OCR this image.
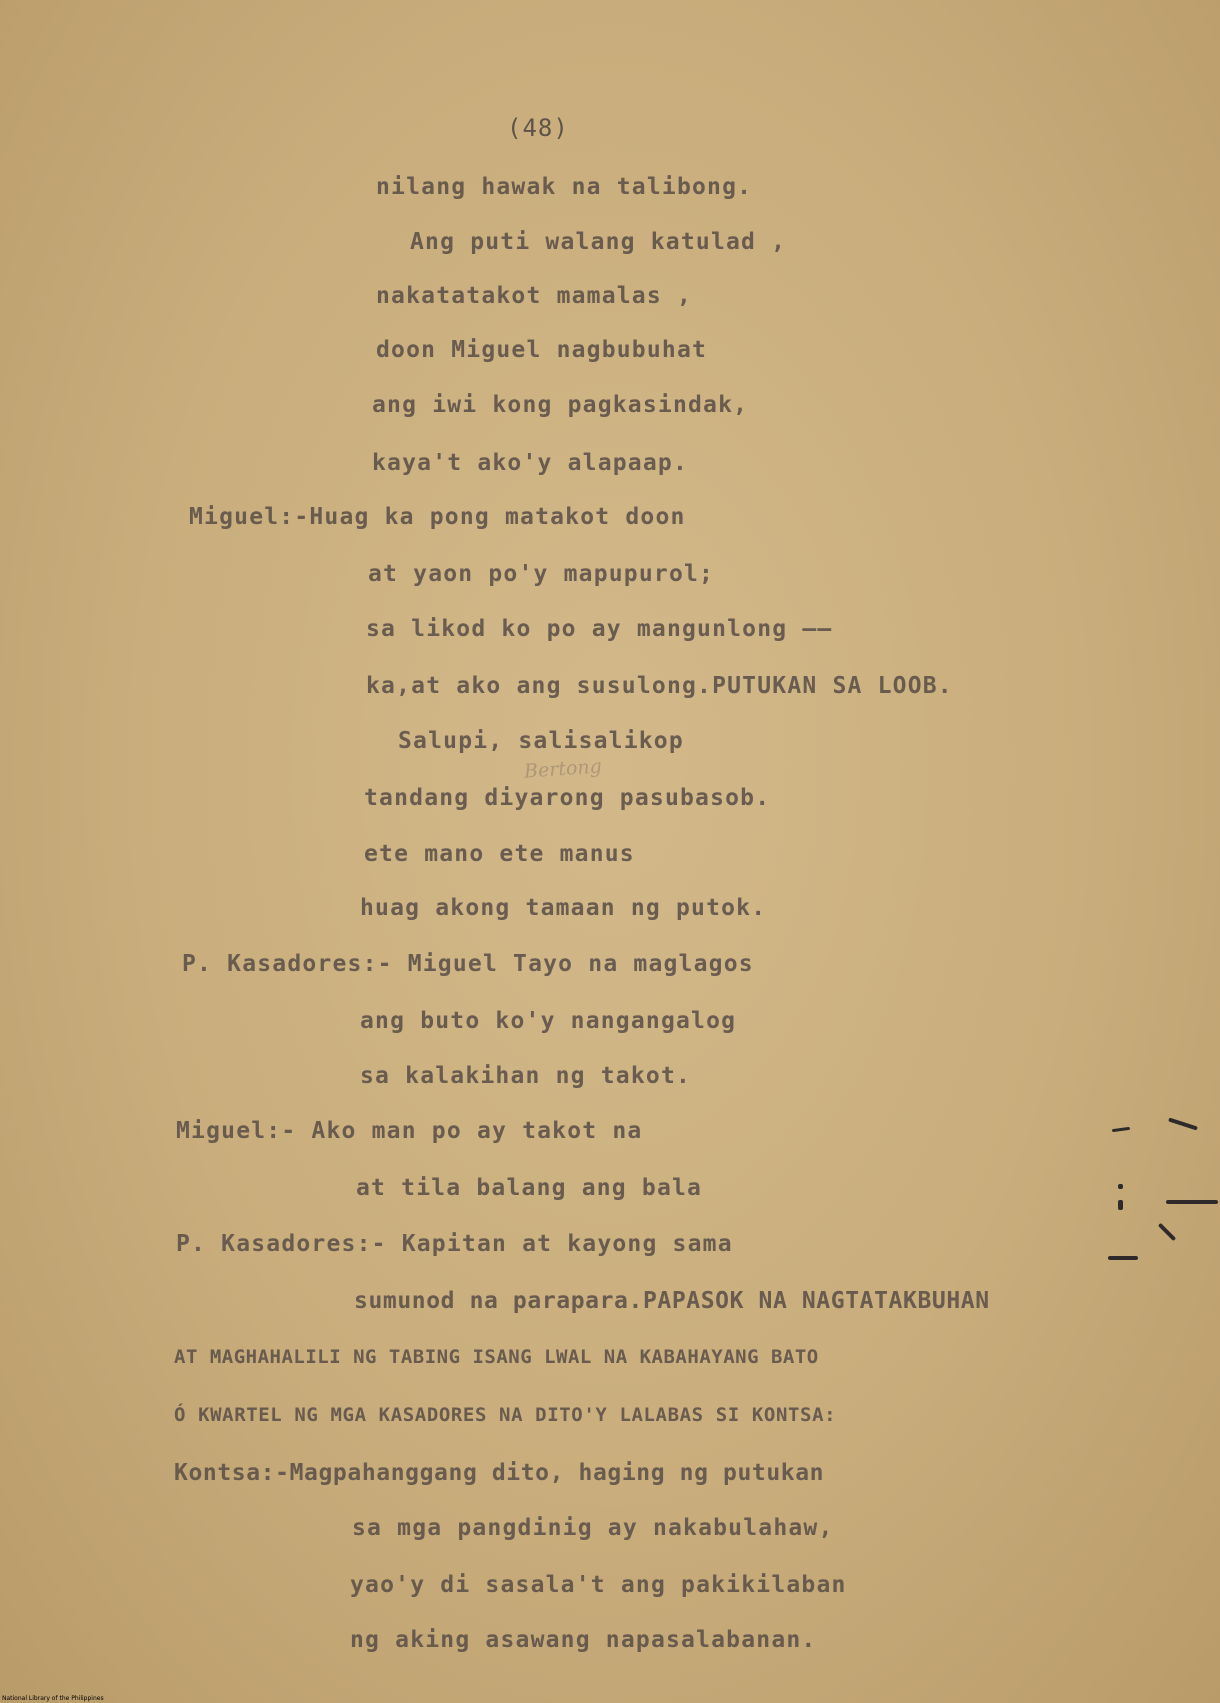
(48)
nilang hawak na talibong.
Ang puti walang katulad ,
nakatatakot mamalas ,
doon Miguel nagbubuhat
ang iwi kong pagkasindak,
kaya't ako'y alapaap.
Miguel:-Huag ka pong matakot doon
at yaon po'y mapupurol;
sa likod ko po ay mangunlong ——
ka,at ako ang susulong.PUTUKAN SA LOOB.
Salupi, salisalikop
Bertong
tandang diyarong pasubasob.
ete mano ete manus
huag akong tamaan ng putok.
P. Kasadores:- Miguel Tayo na maglagos
ang buto ko'y nangangalog
sa kalakihan ng takot.
Miguel:- Ako man po ay takot na
at tila balang ang bala
P. Kasadores:- Kapitan at kayong sama
sumunod na parapara.PAPASOK NA NAGTATAKBUHAN
AT MAGHAHALILI NG TABING ISANG LWAL NA KABAHAYANG BATO
Ó KWARTEL NG MGA KASADORES NA DITO'Y LALABAS SI KONTSA:
Kontsa:-Magpahanggang dito, haging ng putukan
sa mga pangdinig ay nakabulahaw,
yao'y di sasala't ang pakikilaban
ng aking asawang napasalabanan.
National Library of the Philippines
